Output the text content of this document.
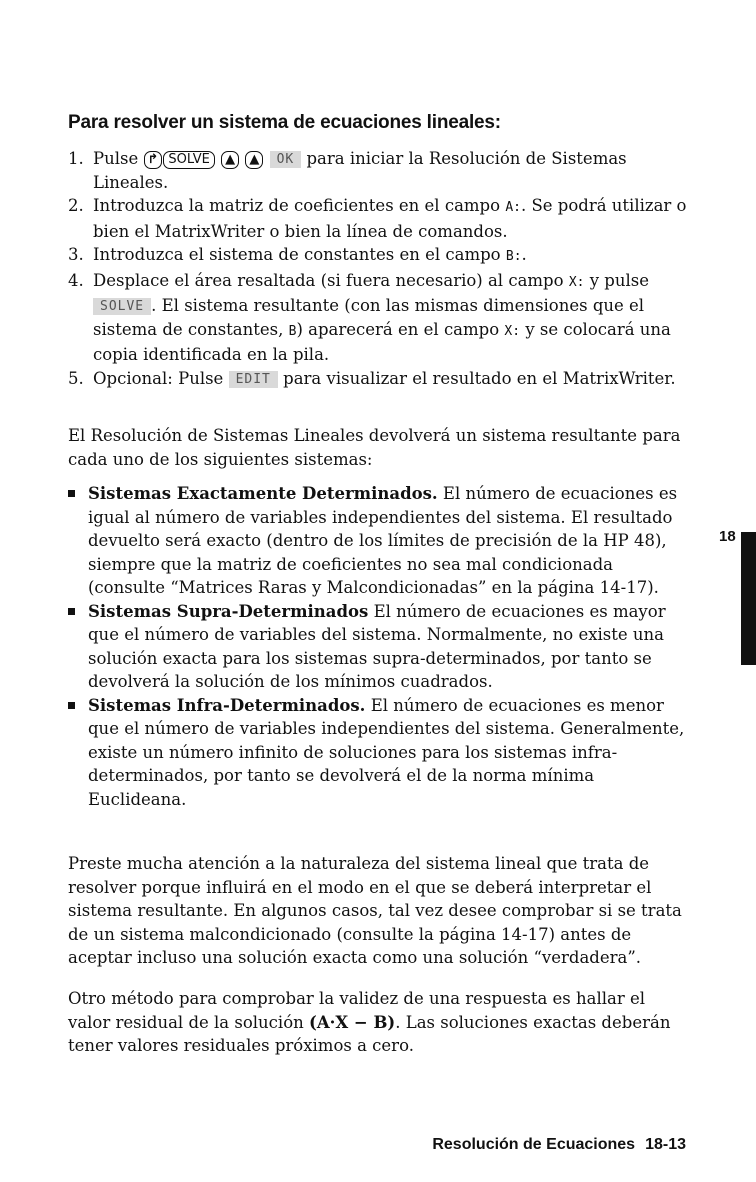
Para resolver un sistema de ecuaciones lineales:
1. Pulse ↱ SOLVE ▲ ▲ OK para iniciar la Resolución de Sistemas Lineales.
2. Introduzca la matriz de coeficientes en el campo A:. Se podrá utilizar o bien el MatrixWriter o bien la línea de comandos.
3. Introduzca el sistema de constantes en el campo B:.
4. Desplace el área resaltada (si fuera necesario) al campo X: y pulse SOLVE . El sistema resultante (con las mismas dimensiones que el sistema de constantes, B) aparecerá en el campo X: y se colocará una copia identificada en la pila.
5. Opcional: Pulse EDIT para visualizar el resultado en el MatrixWriter.

El Resolución de Sistemas Lineales devolverá un sistema resultante para cada uno de los siguientes sistemas:

Sistemas Exactamente Determinados. El número de ecuaciones es igual al número de variables independientes del sistema. El resultado devuelto será exacto (dentro de los límites de precisión de la HP 48), siempre que la matriz de coeficientes no sea mal condicionada (consulte “Matrices Raras y Malcondicionadas” en la página 14-17).
Sistemas Supra-Determinados El número de ecuaciones es mayor que el número de variables del sistema. Normalmente, no existe una solución exacta para los sistemas supra-determinados, por tanto se devolverá la solución de los mínimos cuadrados.
Sistemas Infra-Determinados. El número de ecuaciones es menor que el número de variables independientes del sistema. Generalmente, existe un número infinito de soluciones para los sistemas infra-determinados, por tanto se devolverá el de la norma mínima Euclideana.

Preste mucha atención a la naturaleza del sistema lineal que trata de resolver porque influirá en el modo en el que se deberá interpretar el sistema resultante. En algunos casos, tal vez desee comprobar si se trata de un sistema malcondicionado (consulte la página 14-17) antes de aceptar incluso una solución exacta como una solución “verdadera”.

Otro método para comprobar la validez de una respuesta es hallar el valor residual de la solución (A·X − B). Las soluciones exactas deberán tener valores residuales próximos a cero.

18
Resolución de Ecuaciones 18-13
